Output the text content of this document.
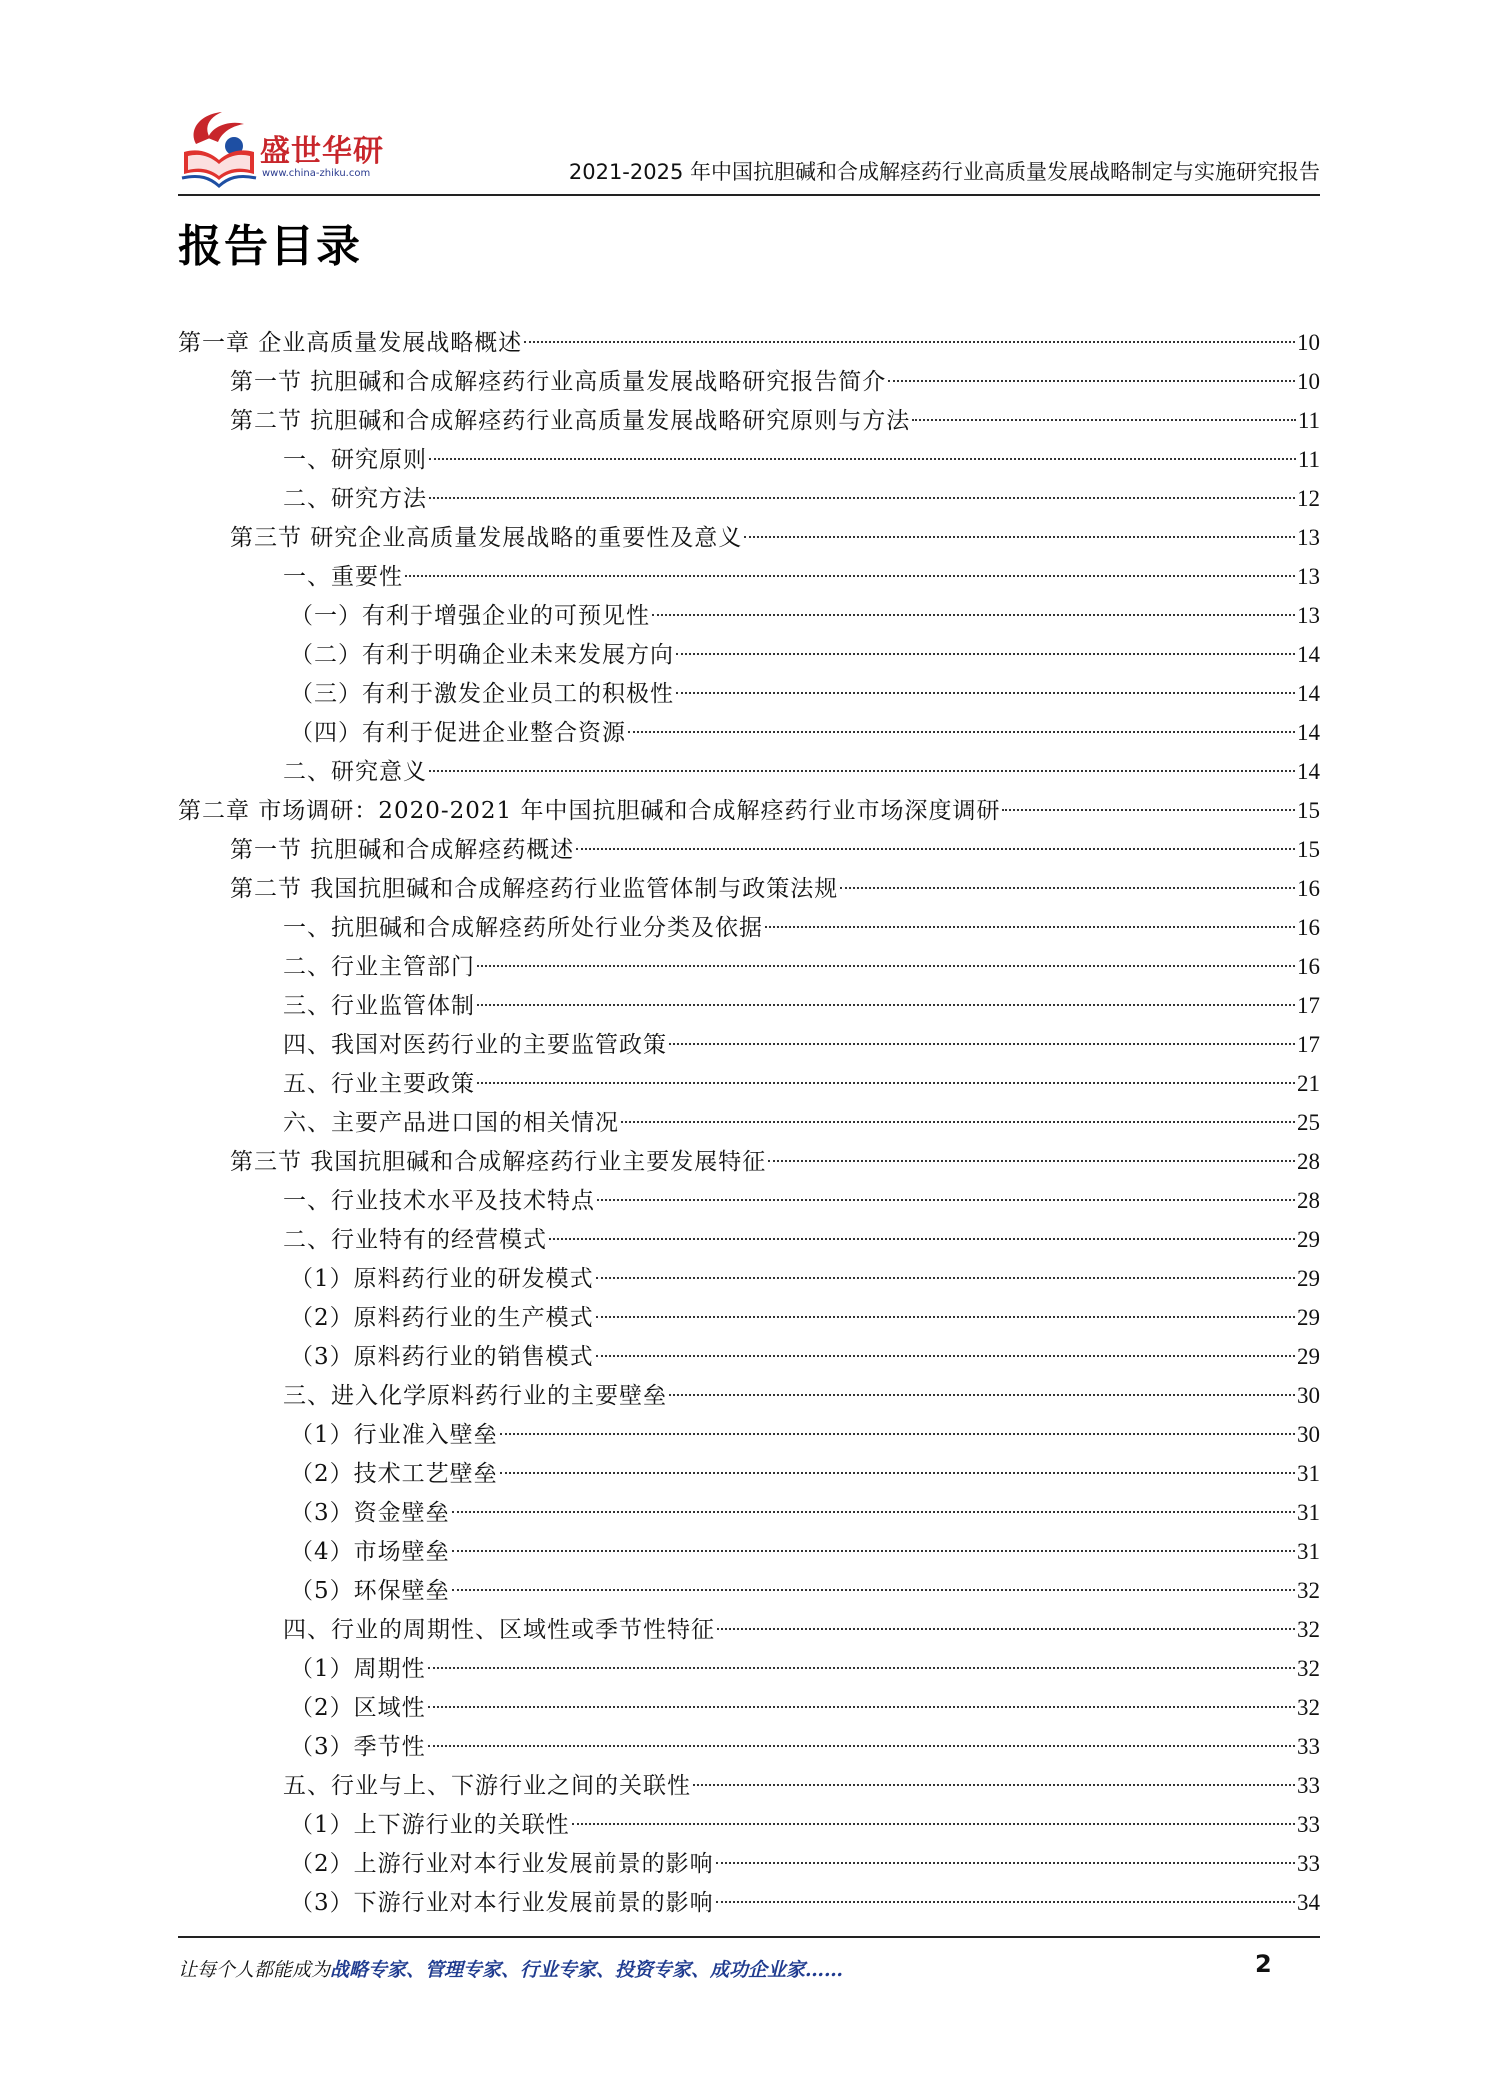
盛世华研
www.china-zhiku.com	2021-2025 年中国抗胆碱和合成解痉药行业高质量发展战略制定与实施研究报告
报告目录
第一章 企业高质量发展战略概述	10
第一节 抗胆碱和合成解痉药行业高质量发展战略研究报告简介	10
第二节 抗胆碱和合成解痉药行业高质量发展战略研究原则与方法	11
一、研究原则	11
二、研究方法	12
第三节 研究企业高质量发展战略的重要性及意义	13
一、重要性	13
（一）有利于增强企业的可预见性	13
（二）有利于明确企业未来发展方向	14
（三）有利于激发企业员工的积极性	14
（四）有利于促进企业整合资源	14
二、研究意义	14
第二章 市场调研：2020-2021 年中国抗胆碱和合成解痉药行业市场深度调研	15
第一节 抗胆碱和合成解痉药概述	15
第二节 我国抗胆碱和合成解痉药行业监管体制与政策法规	16
一、抗胆碱和合成解痉药所处行业分类及依据	16
二、行业主管部门	16
三、行业监管体制	17
四、我国对医药行业的主要监管政策	17
五、行业主要政策	21
六、主要产品进口国的相关情况	25
第三节 我国抗胆碱和合成解痉药行业主要发展特征	28
一、行业技术水平及技术特点	28
二、行业特有的经营模式	29
（1）原料药行业的研发模式	29
（2）原料药行业的生产模式	29
（3）原料药行业的销售模式	29
三、进入化学原料药行业的主要壁垒	30
（1）行业准入壁垒	30
（2）技术工艺壁垒	31
（3）资金壁垒	31
（4）市场壁垒	31
（5）环保壁垒	32
四、行业的周期性、区域性或季节性特征	32
（1）周期性	32
（2）区域性	32
（3）季节性	33
五、行业与上、下游行业之间的关联性	33
（1）上下游行业的关联性	33
（2）上游行业对本行业发展前景的影响	33
（3）下游行业对本行业发展前景的影响	34
让每个人都能成为战略专家、管理专家、行业专家、投资专家、成功企业家……	2
